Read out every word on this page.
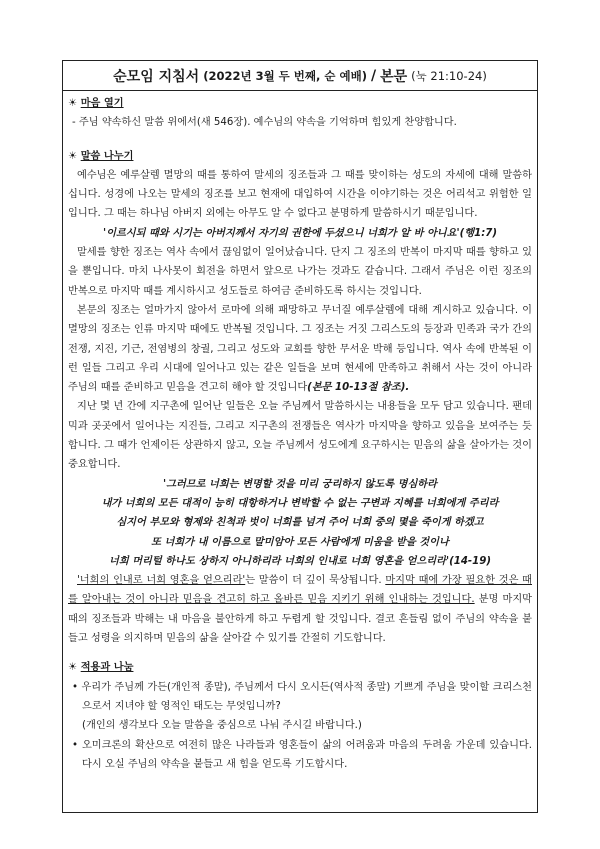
순모임 지침서 (2022년 3월 두 번째, 순 예배) / 본문 (눅 21:10-24)
☀ 마음 열기
- 주님 약속하신 말씀 위에서(새 546장). 예수님의 약속을 기억하며 힘있게 찬양합니다.
☀ 말씀 나누기

예수님은 예루살렘 멸망의 때를 통하여 말세의 징조들과 그 때를 맞이하는 성도의 자세에 대해 말씀하십니다. 성경에 나오는 말세의 징조를 보고 현재에 대입하여 시간을 이야기하는 것은 어리석고 위험한 일입니다. 그 때는 하나님 아버지 외에는 아무도 알 수 없다고 분명하게 말씀하시기 때문입니다.

'이르시되 때와 시기는 아버지께서 자기의 권한에 두셨으니 너희가 알 바 아니요'(행1:7)

말세를 향한 징조는 역사 속에서 끊임없이 일어났습니다. 단지 그 징조의 반복이 마지막 때를 향하고 있을 뿐입니다. 마치 나사못이 회전을 하면서 앞으로 나가는 것과도 같습니다. 그래서 주님은 이런 징조의 반복으로 마지막 때를 계시하시고 성도들로 하여금 준비하도록 하시는 것입니다.

본문의 징조는 얼마가지 않아서 로마에 의해 패망하고 무너질 예루살렘에 대해 계시하고 있습니다. 이 멸망의 징조는 인류 마지막 때에도 반복될 것입니다. 그 징조는 거짓 그리스도의 등장과 민족과 국가 간의 전쟁, 지진, 기근, 전염병의 창궐, 그리고 성도와 교회를 향한 무서운 박해 등입니다. 역사 속에 반복된 이런 일들 그리고 우리 시대에 일어나고 있는 같은 일들을 보며 현세에 만족하고 취해서 사는 것이 아니라 주님의 때를 준비하고 믿음을 견고히 해야 할 것입니다(본문 10-13절 참조).

지난 몇 년 간에 지구촌에 일어난 일들은 오늘 주님께서 말씀하시는 내용들을 모두 담고 있습니다. 팬데믹과 곳곳에서 일어나는 지진들, 그리고 지구촌의 전쟁들은 역사가 마지막을 향하고 있음을 보여주는 듯합니다. 그 때가 언제이든 상관하지 않고, 오늘 주님께서 성도에게 요구하시는 믿음의 삶을 살아가는 것이 중요합니다.

'그러므로 너희는 변명할 것을 미리 궁리하지 않도록 명심하라
내가 너희의 모든 대적이 능히 대항하거나 변박할 수 없는 구변과 지혜를 너희에게 주리라
심지어 부모와 형제와 친척과 벗이 너희를 넘겨 주어 너희 중의 몇을 죽이게 하겠고
또 너희가 내 이름으로 말미암아 모든 사람에게 미움을 받을 것이나
너희 머리털 하나도 상하지 아니하리라 너희의 인내로 너희 영혼을 얻으리라'(14-19)

'너희의 인내로 너희 영혼을 얻으리라'는 말씀이 더 깊이 묵상됩니다. 마지막 때에 가장 필요한 것은 때를 알아내는 것이 아니라 믿음을 견고히 하고 올바른 믿음 지키기 위해 인내하는 것입니다. 분명 마지막 때의 징조들과 박해는 내 마음을 불안하게 하고 두렵게 할 것입니다. 결코 흔들림 없이 주님의 약속을 붙들고 성령을 의지하며 믿음의 삶을 살아갈 수 있기를 간절히 기도합니다.

☀ 적용과 나눔
• 우리가 주님께 가든(개인적 종말), 주님께서 다시 오시든(역사적 종말) 기쁘게 주님을 맞이할 크리스천으로서 지녀야 할 영적인 태도는 무엇입니까?
(개인의 생각보다 오늘 말씀을 중심으로 나눠 주시길 바랍니다.)
• 오미크론의 확산으로 여전히 많은 나라들과 영혼들이 삶의 어려움과 마음의 두려움 가운데 있습니다. 다시 오실 주님의 약속을 붙들고 새 힘을 얻도록 기도합시다.
